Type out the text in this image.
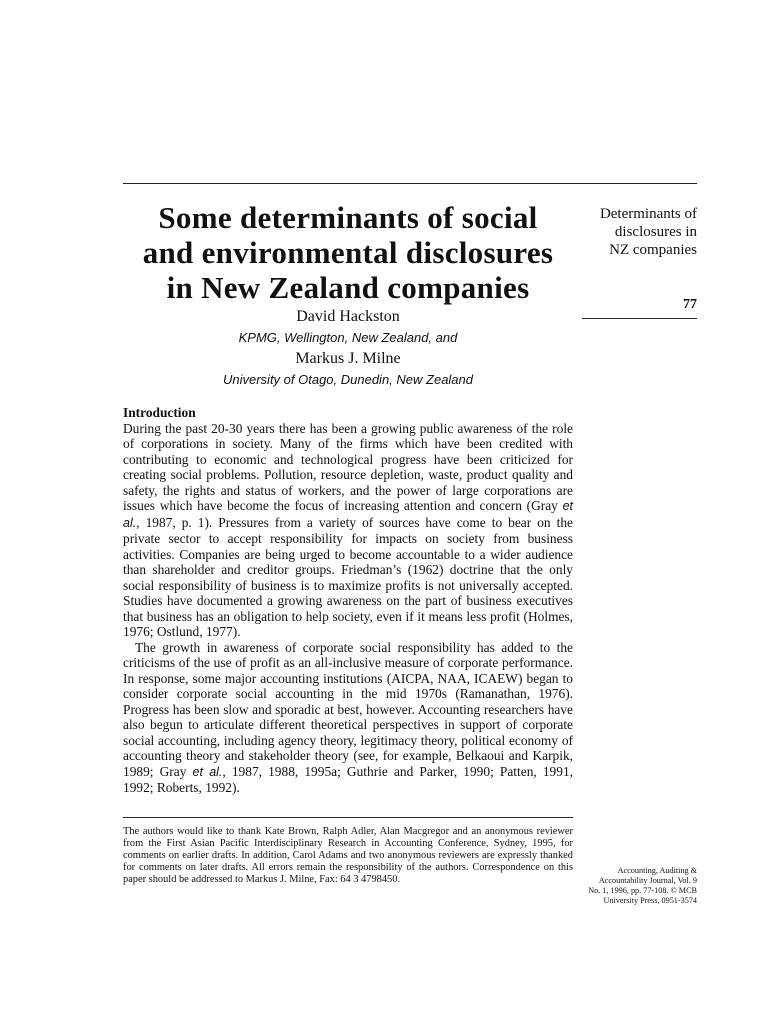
Some determinants of social
and environmental disclosures
in New Zealand companies
David Hackston
KPMG, Wellington, New Zealand, and
Markus J. Milne
University of Otago, Dunedin, New Zealand
Determinants of
disclosures in
NZ companies
77
Introduction

During the past 20-30 years there has been a growing public awareness of the role of corporations in society. Many of the firms which have been credited with contributing to economic and technological progress have been criticized for creating social problems. Pollution, resource depletion, waste, product quality and safety, the rights and status of workers, and the power of large corporations are issues which have become the focus of increasing attention and concern (Gray et al., 1987, p. 1). Pressures from a variety of sources have come to bear on the private sector to accept responsibility for impacts on society from business activities. Companies are being urged to become accountable to a wider audience than shareholder and creditor groups. Friedman’s (1962) doctrine that the only social responsibility of business is to maximize profits is not universally accepted. Studies have documented a growing awareness on the part of business executives that business has an obligation to help society, even if it means less profit (Holmes, 1976; Ostlund, 1977).

The growth in awareness of corporate social responsibility has added to the criticisms of the use of profit as an all-inclusive measure of corporate performance. In response, some major accounting institutions (AICPA, NAA, ICAEW) began to consider corporate social accounting in the mid 1970s (Ramanathan, 1976). Progress has been slow and sporadic at best, however. Accounting researchers have also begun to articulate different theoretical perspectives in support of corporate social accounting, including agency theory, legitimacy theory, political economy of accounting theory and stakeholder theory (see, for example, Belkaoui and Karpik, 1989; Gray et al., 1987, 1988, 1995a; Guthrie and Parker, 1990; Patten, 1991, 1992; Roberts, 1992).

The authors would like to thank Kate Brown, Ralph Adler, Alan Macgregor and an anonymous reviewer from the First Asian Pacific Interdisciplinary Research in Accounting Conference, Sydney, 1995, for comments on earlier drafts. In addition, Carol Adams and two anonymous reviewers are expressly thanked for comments on later drafts. All errors remain the responsibility of the authors. Correspondence on this paper should be addressed to Markus J. Milne, Fax: 64 3 4798450.
Accounting, Auditing &
Accountability Journal, Vol. 9
No. 1, 1996, pp. 77-108. © MCB
University Press, 0951-3574
